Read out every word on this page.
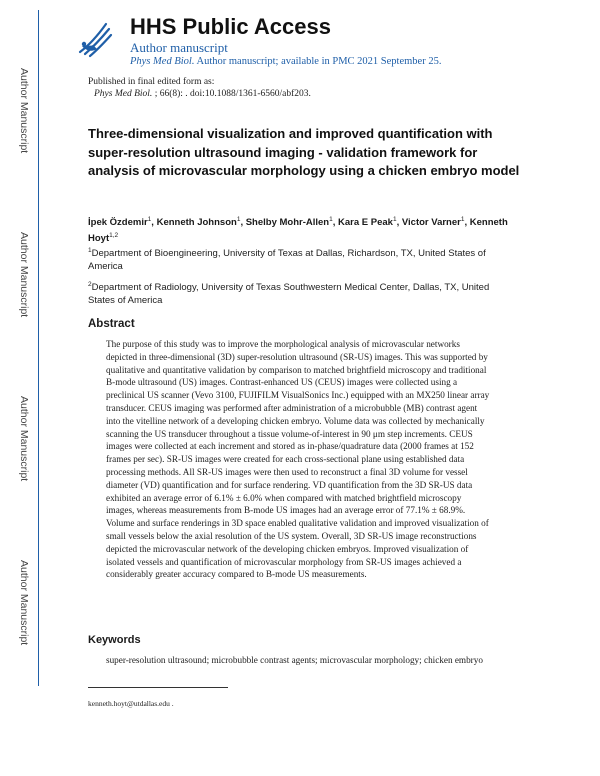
Author Manuscript
Author Manuscript
Author Manuscript
Author Manuscript
HHS Public Access
Author manuscript
Phys Med Biol. Author manuscript; available in PMC 2021 September 25.
Published in final edited form as:
Phys Med Biol. ; 66(8): . doi:10.1088/1361-6560/abf203.
Three-dimensional visualization and improved quantification with super-resolution ultrasound imaging - validation framework for analysis of microvascular morphology using a chicken embryo model
İpek Özdemir$^1$, Kenneth Johnson$^1$, Shelby Mohr-Allen$^1$, Kara E Peak$^1$, Victor Varner$^1$, Kenneth Hoyt$^{1,2}$
$^1$Department of Bioengineering, University of Texas at Dallas, Richardson, TX, United States of America
$^2$Department of Radiology, University of Texas Southwestern Medical Center, Dallas, TX, United States of America
Abstract
The purpose of this study was to improve the morphological analysis of microvascular networks depicted in three-dimensional (3D) super-resolution ultrasound (SR-US) images. This was supported by qualitative and quantitative validation by comparison to matched brightfield microscopy and traditional B-mode ultrasound (US) images. Contrast-enhanced US (CEUS) images were collected using a preclinical US scanner (Vevo 3100, FUJIFILM VisualSonics Inc.) equipped with an MX250 linear array transducer. CEUS imaging was performed after administration of a microbubble (MB) contrast agent into the vitelline network of a developing chicken embryo. Volume data was collected by mechanically scanning the US transducer throughout a tissue volume-of-interest in 90 μm step increments. CEUS images were collected at each increment and stored as in-phase/quadrature data (2000 frames at 152 frames per sec). SR-US images were created for each cross-sectional plane using established data processing methods. All SR-US images were then used to reconstruct a final 3D volume for vessel diameter (VD) quantification and for surface rendering. VD quantification from the 3D SR-US data exhibited an average error of 6.1% ± 6.0% when compared with matched brightfield microscopy images, whereas measurements from B-mode US images had an average error of 77.1% ± 68.9%. Volume and surface renderings in 3D space enabled qualitative validation and improved visualization of small vessels below the axial resolution of the US system. Overall, 3D SR-US image reconstructions depicted the microvascular network of the developing chicken embryos. Improved visualization of isolated vessels and quantification of microvascular morphology from SR-US images achieved a considerably greater accuracy compared to B-mode US measurements.
Keywords
super-resolution ultrasound; microbubble contrast agents; microvascular morphology; chicken embryo
kenneth.hoyt@utdallas.edu .
